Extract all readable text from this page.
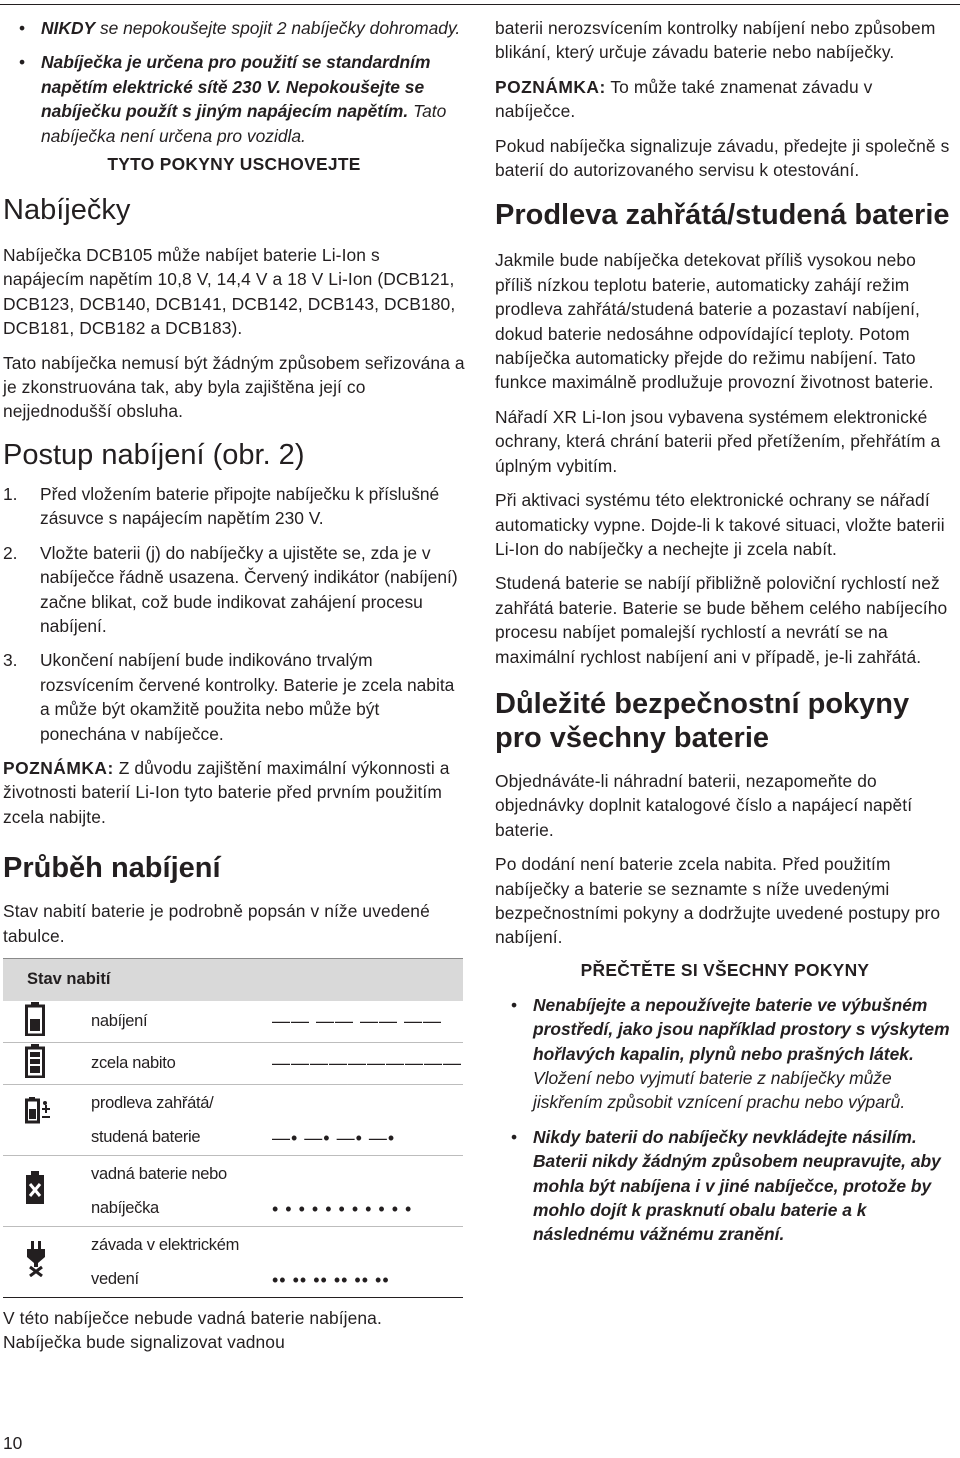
• NIKDY se nepokoušejte spojit 2 nabíječky dohromady.
• Nabíječka je určena pro použití se standardním napětím elektrické sítě 230 V. Nepokoušejte se nabíječku použít s jiným napájecím napětím. Tato nabíječka není určena pro vozidla.
TYTO POKYNY USCHOVEJTE
Nabíječky

Nabíječka DCB105 může nabíjet baterie Li-Ion s napájecím napětím 10,8 V, 14,4 V a 18 V Li-Ion (DCB121, DCB123, DCB140, DCB141, DCB142, DCB143, DCB180, DCB181, DCB182 a DCB183).

Tato nabíječka nemusí být žádným způsobem seřizována a je zkonstruována tak, aby byla zajištěna její co nejjednodušší obsluha.

Postup nabíjení (obr. 2)
1. Před vložením baterie připojte nabíječku k příslušné zásuvce s napájecím napětím 230 V.
2. Vložte baterii (j) do nabíječky a ujistěte se, zda je v nabíječce řádně usazena. Červený indikátor (nabíjení) začne blikat, což bude indikovat zahájení procesu nabíjení.
3. Ukončení nabíjení bude indikováno trvalým rozsvícením červené kontrolky. Baterie je zcela nabita a může být okamžitě použita nebo může být ponechána v nabíječce.

POZNÁMKA: Z důvodu zajištění maximální výkonnosti a životnosti baterií Li-Ion tyto baterie před prvním použitím zcela nabijte.

Průběh nabíjení

Stav nabití baterie je podrobně popsán v níže uvedené tabulce.

Stav nabití		
	nabíjení	—— —— —— ——
	zcela nabito	——————————
	prodleva zahřátá/
studená baterie	—• —• —• —•
	vadná baterie nebo
nabíječka	• • • • • • • • • • •
	závada v elektrickém
vedení	•• •• •• •• •• ••

V této nabíječce nebude vadná baterie nabíjena. Nabíječka bude signalizovat vadnou

baterii nerozsvícením kontrolky nabíjení nebo způsobem blikání, který určuje závadu baterie nebo nabíječky.

POZNÁMKA: To může také znamenat závadu v nabíječce.

Pokud nabíječka signalizuje závadu, předejte ji společně s baterií do autorizovaného servisu k otestování.

Prodleva zahřátá/studená baterie

Jakmile bude nabíječka detekovat příliš vysokou nebo příliš nízkou teplotu baterie, automaticky zahájí režim prodleva zahřátá/studená baterie a pozastaví nabíjení, dokud baterie nedosáhne odpovídající teploty. Potom nabíječka automaticky přejde do režimu nabíjení. Tato funkce maximálně prodlužuje provozní životnost baterie.

Nářadí XR Li-Ion jsou vybavena systémem elektronické ochrany, která chrání baterii před přetížením, přehřátím a úplným vybitím.

Při aktivaci systému této elektronické ochrany se nářadí automaticky vypne. Dojde-li k takové situaci, vložte baterii Li-Ion do nabíječky a nechejte ji zcela nabít.

Studená baterie se nabíjí přibližně poloviční rychlostí než zahřátá baterie. Baterie se bude během celého nabíjecího procesu nabíjet pomalejší rychlostí a nevrátí se na maximální rychlost nabíjení ani v případě, je-li zahřátá.

Důležité bezpečnostní pokyny pro všechny baterie

Objednáváte-li náhradní baterii, nezapomeňte do objednávky doplnit katalogové číslo a napájecí napětí baterie.

Po dodání není baterie zcela nabita. Před použitím nabíječky a baterie se seznamte s níže uvedenými bezpečnostními pokyny a dodržujte uvedené postupy pro nabíjení.

PŘEČTĚTE SI VŠECHNY POKYNY
• Nenabíjejte a nepoužívejte baterie ve výbušném prostředí, jako jsou například prostory s výskytem hořlavých kapalin, plynů nebo prašných látek. Vložení nebo vyjmutí baterie z nabíječky může jiskřením způsobit vznícení prachu nebo výparů.
• Nikdy baterii do nabíječky nevkládejte násilím. Baterii nikdy žádným způsobem neupravujte, aby mohla být nabíjena i v jiné nabíječce, protože by mohlo dojít k prasknutí obalu baterie a k následnému vážnému zranění.
10
